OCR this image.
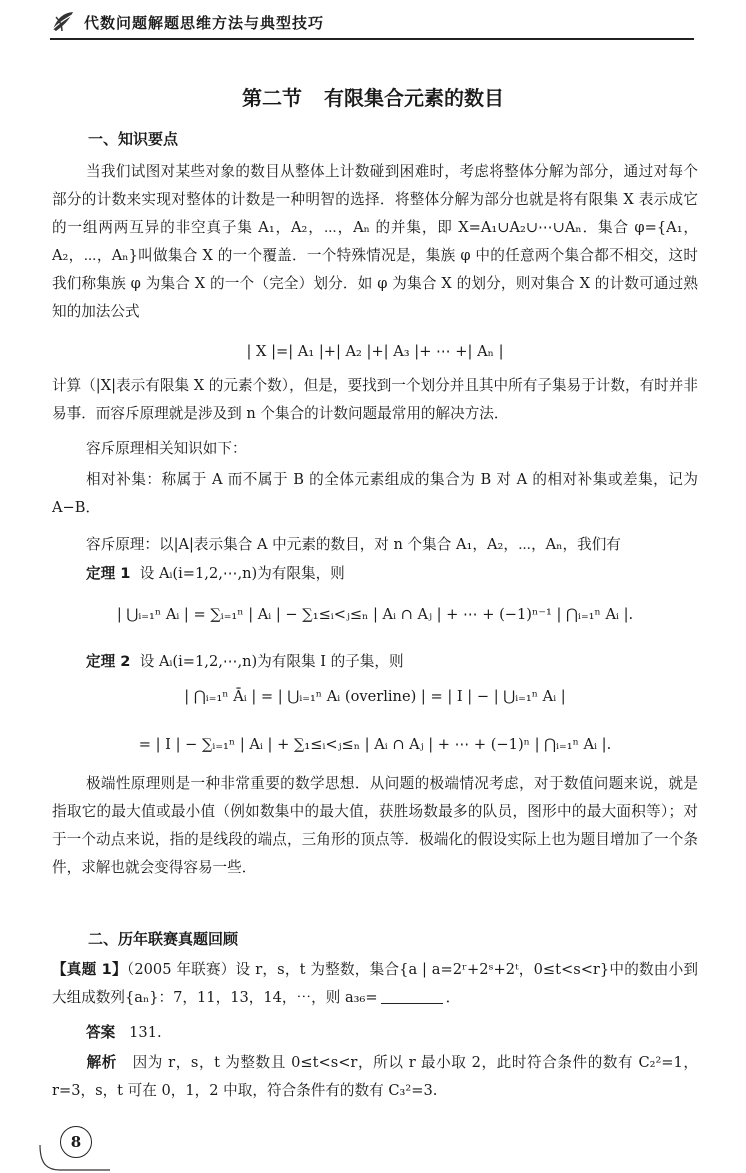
代数问题解题思维方法与典型技巧
第二节 有限集合元素的数目
一、知识要点
当我们试图对某些对象的数目从整体上计数碰到困难时，考虑将整体分解为部分，通过对每个部分的计数来实现对整体的计数是一种明智的选择．将整体分解为部分也就是将有限集 X 表示成它的一组两两互异的非空真子集 A₁，A₂，⋯，Aₙ 的并集，即 X=A₁∪A₂∪⋯∪Aₙ．集合 φ={A₁，A₂，⋯，Aₙ}叫做集合 X 的一个覆盖．一个特殊情况是，集族 φ 中的任意两个集合都不相交，这时我们称集族 φ 为集合 X 的一个（完全）划分．如 φ 为集合 X 的划分，则对集合 X 的计数可通过熟知的加法公式
| X |=| A₁ |+| A₂ |+| A₃ |+ ⋯ +| Aₙ |
计算（|X|表示有限集 X 的元素个数），但是，要找到一个划分并且其中所有子集易于计数，有时并非易事．而容斥原理就是涉及到 n 个集合的计数问题最常用的解决方法．
容斥原理相关知识如下：
相对补集：称属于 A 而不属于 B 的全体元素组成的集合为 B 对 A 的相对补集或差集，记为 A−B．
容斥原理：以|A|表示集合 A 中元素的数目，对 n 个集合 A₁，A₂，⋯，Aₙ，我们有
定理 1 设 Aᵢ(i=1,2,⋯,n)为有限集，则
| ⋃ᵢ₌₁ⁿ Aᵢ | = ∑ᵢ₌₁ⁿ | Aᵢ | − ∑₁≤ᵢ<ⱼ≤ₙ | Aᵢ ∩ Aⱼ | + ⋯ + (−1)ⁿ⁻¹ | ⋂ᵢ₌₁ⁿ Aᵢ |.
定理 2 设 Aᵢ(i=1,2,⋯,n)为有限集 I 的子集，则
| ⋂ᵢ₌₁ⁿ Āᵢ | = | ⋃ᵢ₌₁ⁿ Aᵢ (overline) | = | I | − | ⋃ᵢ₌₁ⁿ Aᵢ |
= | I | − ∑ᵢ₌₁ⁿ | Aᵢ | + ∑₁≤ᵢ<ⱼ≤ₙ | Aᵢ ∩ Aⱼ | + ⋯ + (−1)ⁿ | ⋂ᵢ₌₁ⁿ Aᵢ |.
极端性原理则是一种非常重要的数学思想．从问题的极端情况考虑，对于数值问题来说，就是指取它的最大值或最小值（例如数集中的最大值，获胜场数最多的队员，图形中的最大面积等）；对于一个动点来说，指的是线段的端点，三角形的顶点等．极端化的假设实际上也为题目增加了一个条件，求解也就会变得容易一些．
二、历年联赛真题回顾
【真题 1】（2005 年联赛）设 r，s，t 为整数，集合{a | a=2ʳ+2ˢ+2ᵗ，0≤t<s<r}中的数由小到大组成数列{aₙ}：7，11，13，14，⋯，则 a₃₆=	．
答案 131.
解析 因为 r，s，t 为整数且 0≤t<s<r，所以 r 最小取 2，此时符合条件的数有 C₂²=1，r=3，s，t 可在 0，1，2 中取，符合条件有的数有 C₃²=3.
8
